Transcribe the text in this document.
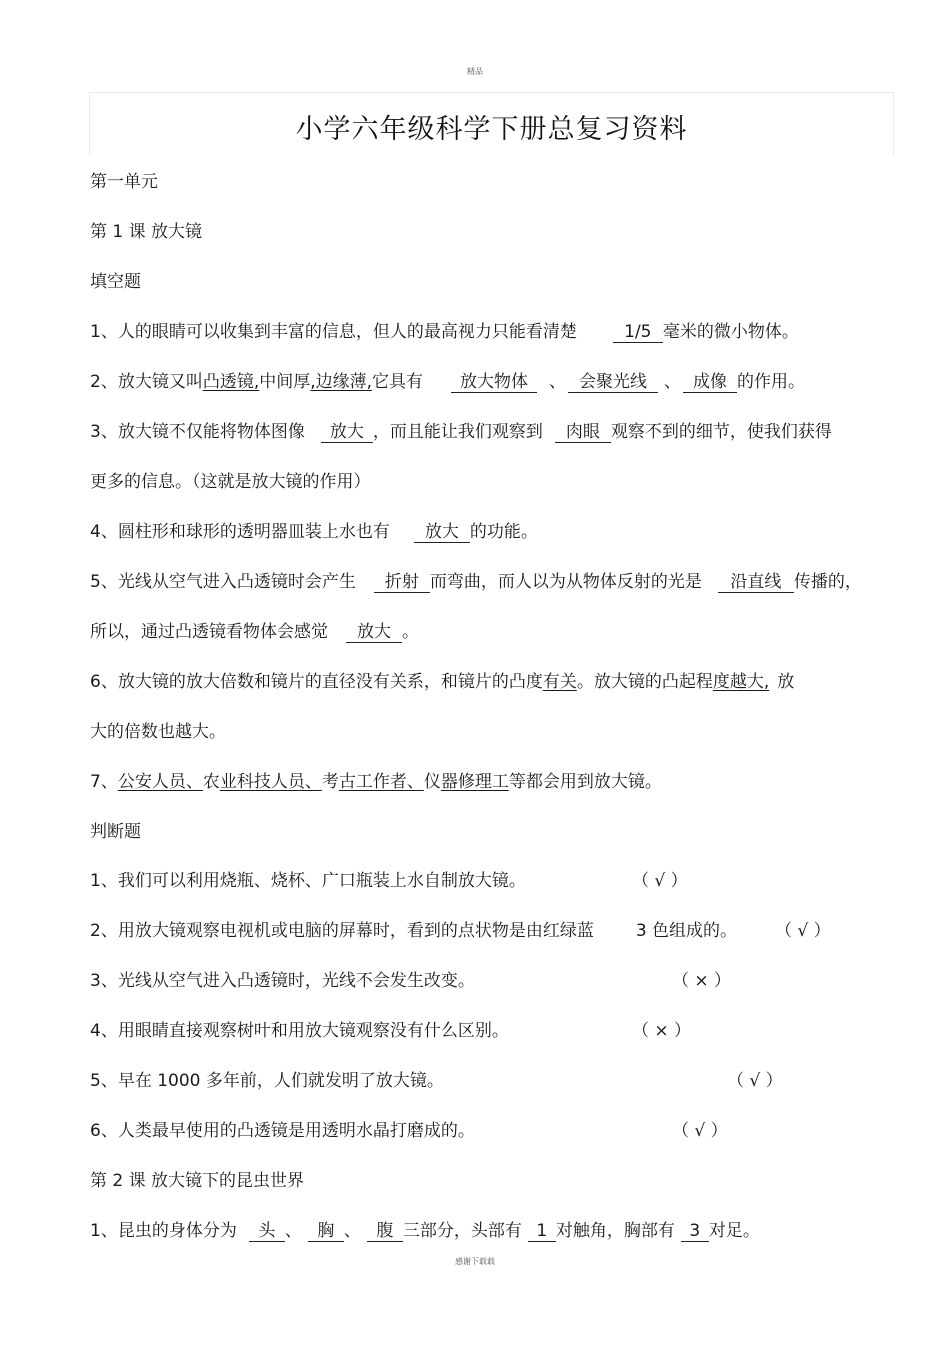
精品
小学六年级科学下册总复习资料
第一单元
第 1 课 放大镜
填空题
1、人的眼睛可以收集到丰富的信息，但人的最高视力只能看清楚	1/5 毫米的微小物体。
2、放大镜又叫凸透镜,中间厚,边缘薄,它具有 放大物体 、 会聚光线 、 成像 的作用。
3、放大镜不仅能将物体图像 放大 ，而且能让我们观察到 肉眼 观察不到的细节，使我们获得
更多的信息。（这就是放大镜的作用）
4、圆柱形和球形的透明器皿装上水也有 放大 的功能。
5、光线从空气进入凸透镜时会产生 折射 而弯曲，而人以为从物体反射的光是 沿直线 传播的，
所以，通过凸透镜看物体会感觉 放大 。
6、放大镜的放大倍数和镜片的直径没有关系，和镜片的凸度有关。放大镜的凸起程度越大, 放
大的倍数也越大。
7、公安人员、农业科技人员、考古工作者、仪器修理工等都会用到放大镜。
判断题
1、我们可以利用烧瓶、烧杯、广口瓶装上水自制放大镜。	（ √ ）
2、用放大镜观察电视机或电脑的屏幕时，看到的点状物是由红绿蓝 3 色组成的。 （ √ ）
3、光线从空气进入凸透镜时，光线不会发生改变。	（ × ）
4、用眼睛直接观察树叶和用放大镜观察没有什么区别。	（ × ）
5、早在 1000 多年前，人们就发明了放大镜。	（ √ ）
6、人类最早使用的凸透镜是用透明水晶打磨成的。	（ √ ）
第 2 课 放大镜下的昆虫世界
1、昆虫的身体分为 头 、 胸 、 腹 三部分，头部有 1 对触角，胸部有 3 对足。
感谢下载载
